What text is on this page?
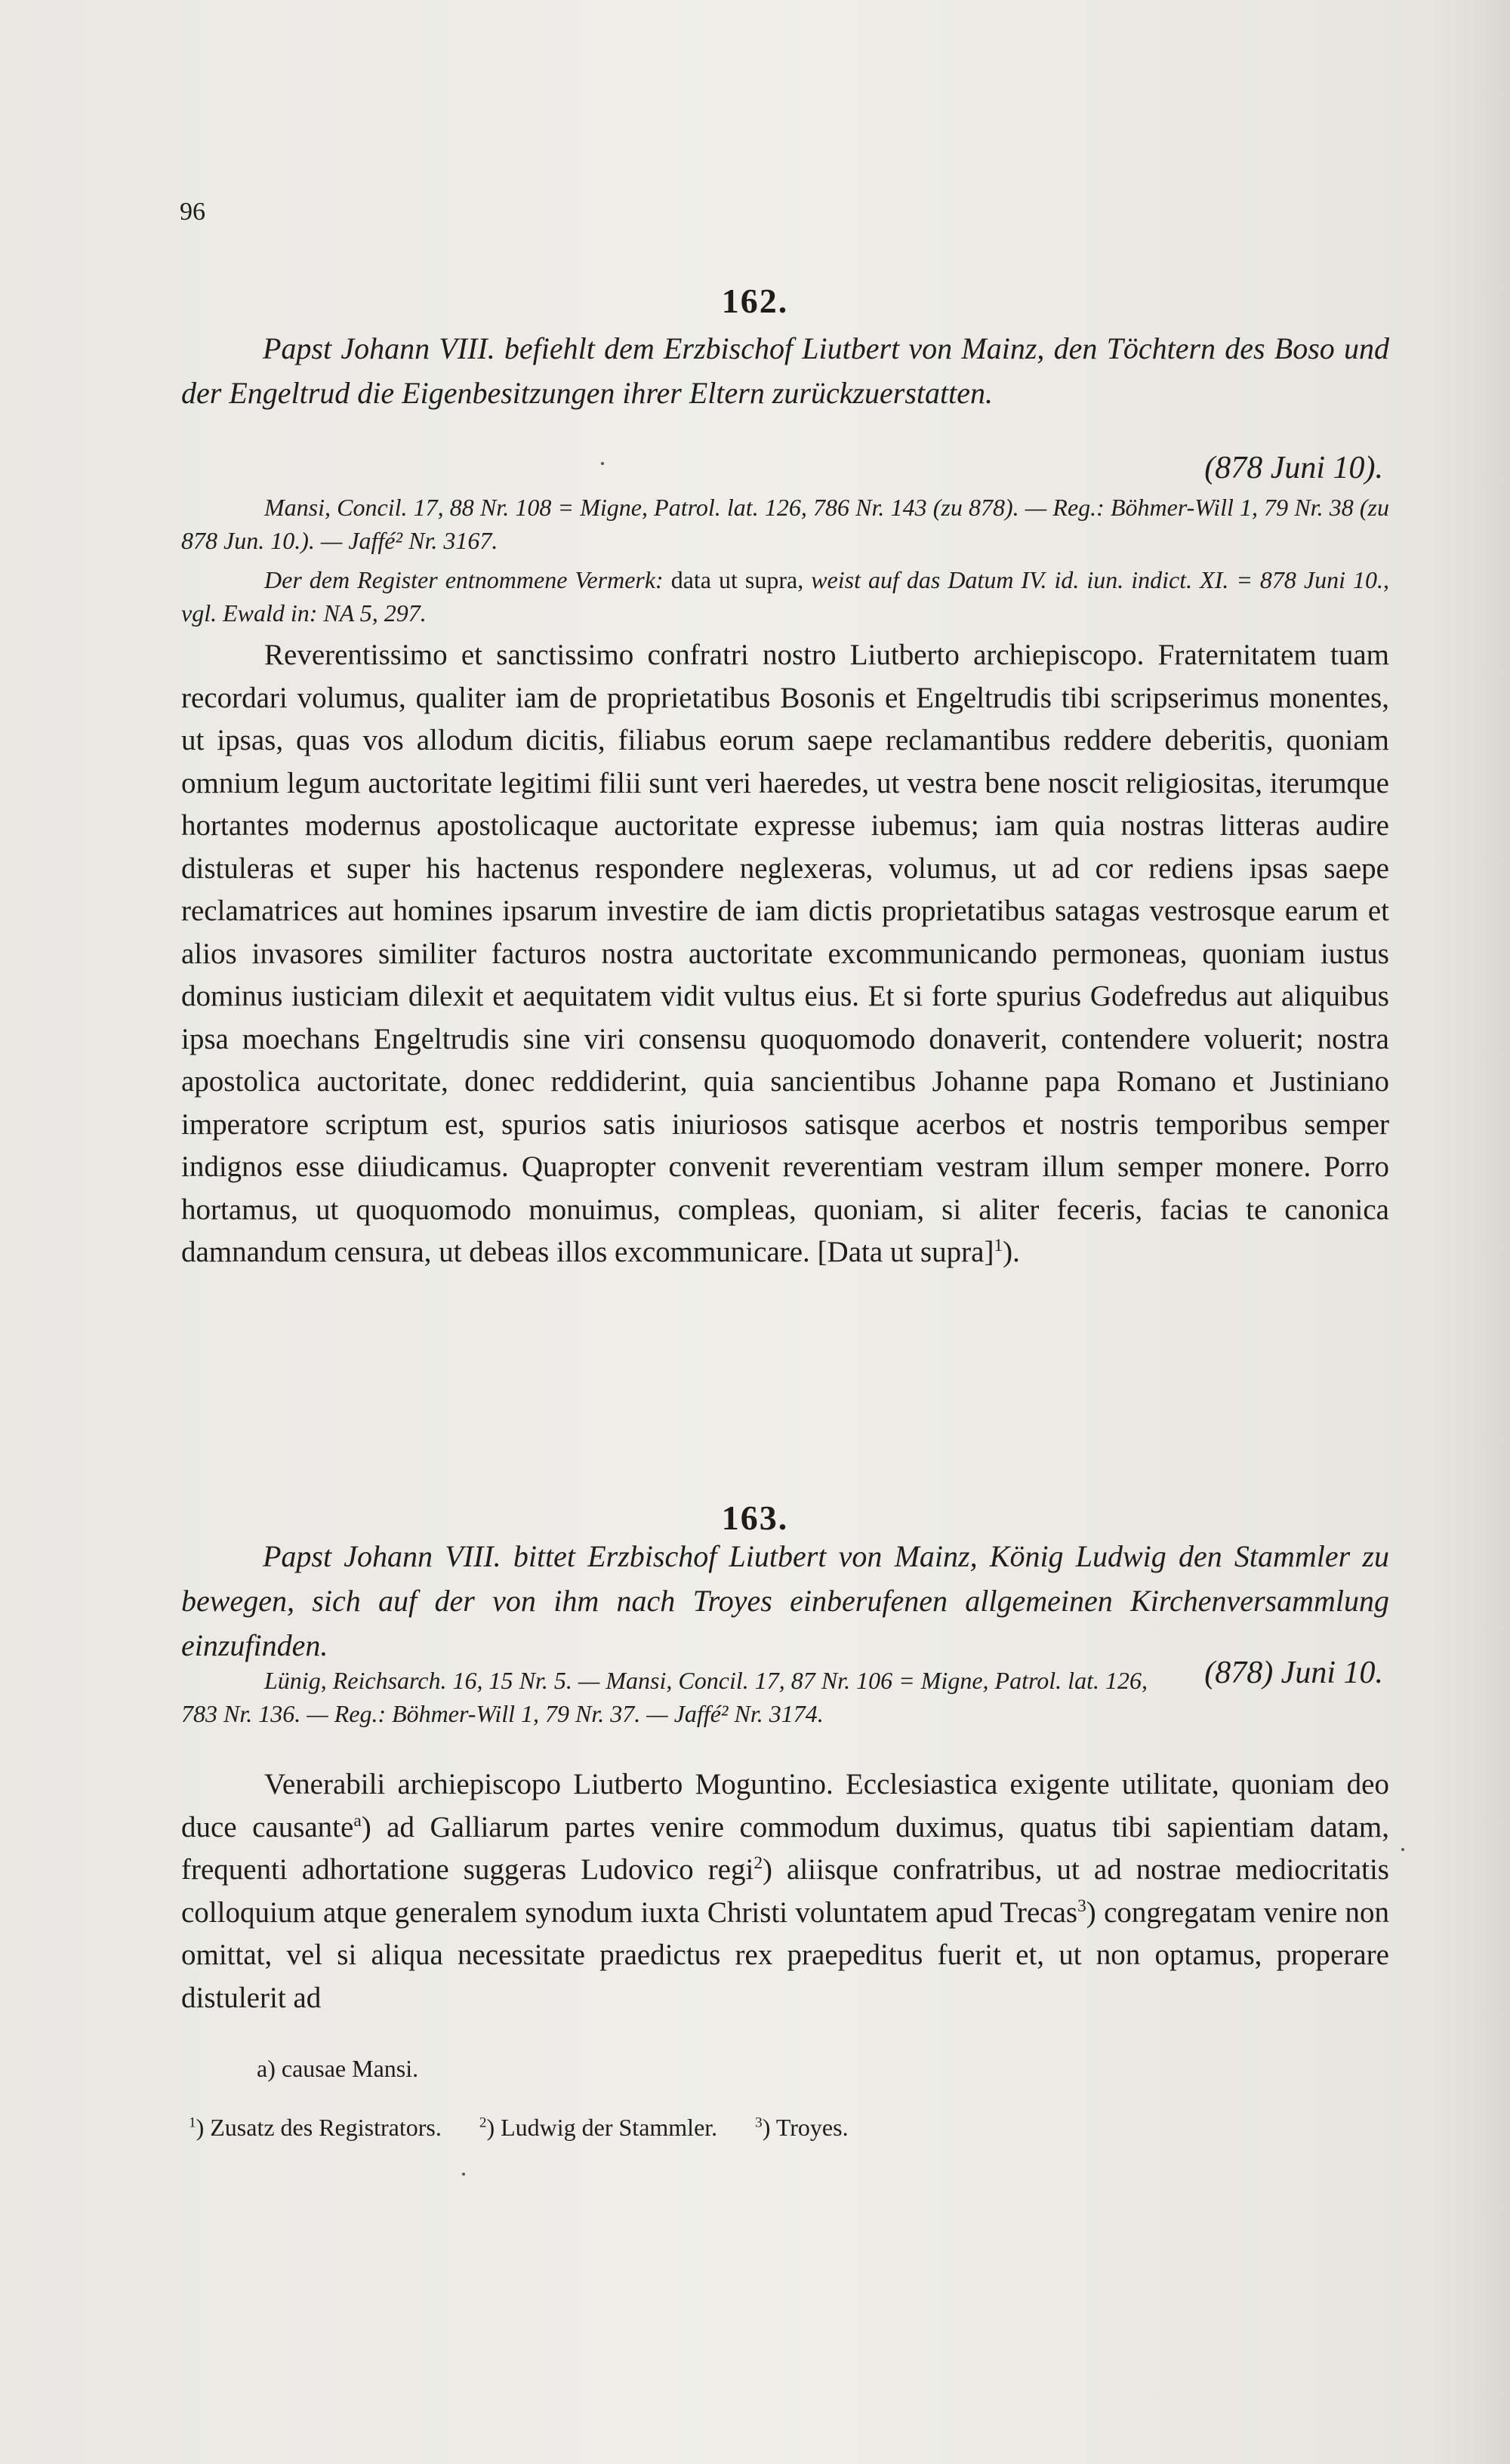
96
162.
Papst Johann VIII. befiehlt dem Erzbischof Liutbert von Mainz, den Töchtern des Boso und der Engeltrud die Eigenbesitzungen ihrer Eltern zurückzuerstatten.
(878 Juni 10).
Mansi, Concil. 17, 88 Nr. 108 = Migne, Patrol. lat. 126, 786 Nr. 143 (zu 878). — Reg.: Böhmer-Will 1, 79 Nr. 38 (zu 878 Jun. 10.). — Jaffé² Nr. 3167.
Der dem Register entnommene Vermerk: data ut supra, weist auf das Datum IV. id. iun. indict. XI. = 878 Juni 10., vgl. Ewald in: NA 5, 297.
Reverentissimo et sanctissimo confratri nostro Liutberto archiepiscopo. Fraternitatem tuam recordari volumus, qualiter iam de proprietatibus Bosonis et Engeltrudis tibi scripserimus monentes, ut ipsas, quas vos allodum dicitis, filiabus eorum saepe reclamantibus reddere deberitis, quoniam omnium legum auctoritate legitimi filii sunt veri haeredes, ut vestra bene noscit religiositas, iterumque hortantes modernus apostolicaque auctoritate expresse iubemus; iam quia nostras litteras audire distuleras et super his hactenus respondere neglexeras, volumus, ut ad cor rediens ipsas saepe reclamatrices aut homines ipsarum investire de iam dictis proprietatibus satagas vestrosque earum et alios invasores similiter facturos nostra auctoritate excommunicando permoneas, quoniam iustus dominus iusticiam dilexit et aequitatem vidit vultus eius. Et si forte spurius Godefredus aut aliquibus ipsa moechans Engeltrudis sine viri consensu quoquomodo donaverit, contendere voluerit; nostra apostolica auctoritate, donec reddiderint, quia sancientibus Johanne papa Romano et Justiniano imperatore scriptum est, spurios satis iniuriosos satisque acerbos et nostris temporibus semper indignos esse diiudicamus. Quapropter convenit reverentiam vestram illum semper monere. Porro hortamus, ut quoquomodo monuimus, compleas, quoniam, si aliter feceris, facias te canonica damnandum censura, ut debeas illos excommunicare. [Data ut supra]$^1$).
163.
Papst Johann VIII. bittet Erzbischof Liutbert von Mainz, König Ludwig den Stammler zu bewegen, sich auf der von ihm nach Troyes einberufenen allgemeinen Kirchenversammlung einzufinden.
(878) Juni 10.
Lünig, Reichsarch. 16, 15 Nr. 5. — Mansi, Concil. 17, 87 Nr. 106 = Migne, Patrol. lat. 126, 783 Nr. 136. — Reg.: Böhmer-Will 1, 79 Nr. 37. — Jaffé² Nr. 3174.
Venerabili archiepiscopo Liutberto Moguntino. Ecclesiastica exigente utilitate, quoniam deo duce causante$^a$) ad Galliarum partes venire commodum duximus, quatus tibi sapientiam datam, frequenti adhortatione suggeras Ludovico regi$^2$) aliisque confratribus, ut ad nostrae mediocritatis colloquium atque generalem synodum iuxta Christi voluntatem apud Trecas$^3$) congregatam venire non omittat, vel si aliqua necessitate praedictus rex praepeditus fuerit et, ut non optamus, properare distulerit ad
a) causae Mansi.
$^1$) Zusatz des Registrators.	$^2$) Ludwig der Stammler.	$^3$) Troyes.
